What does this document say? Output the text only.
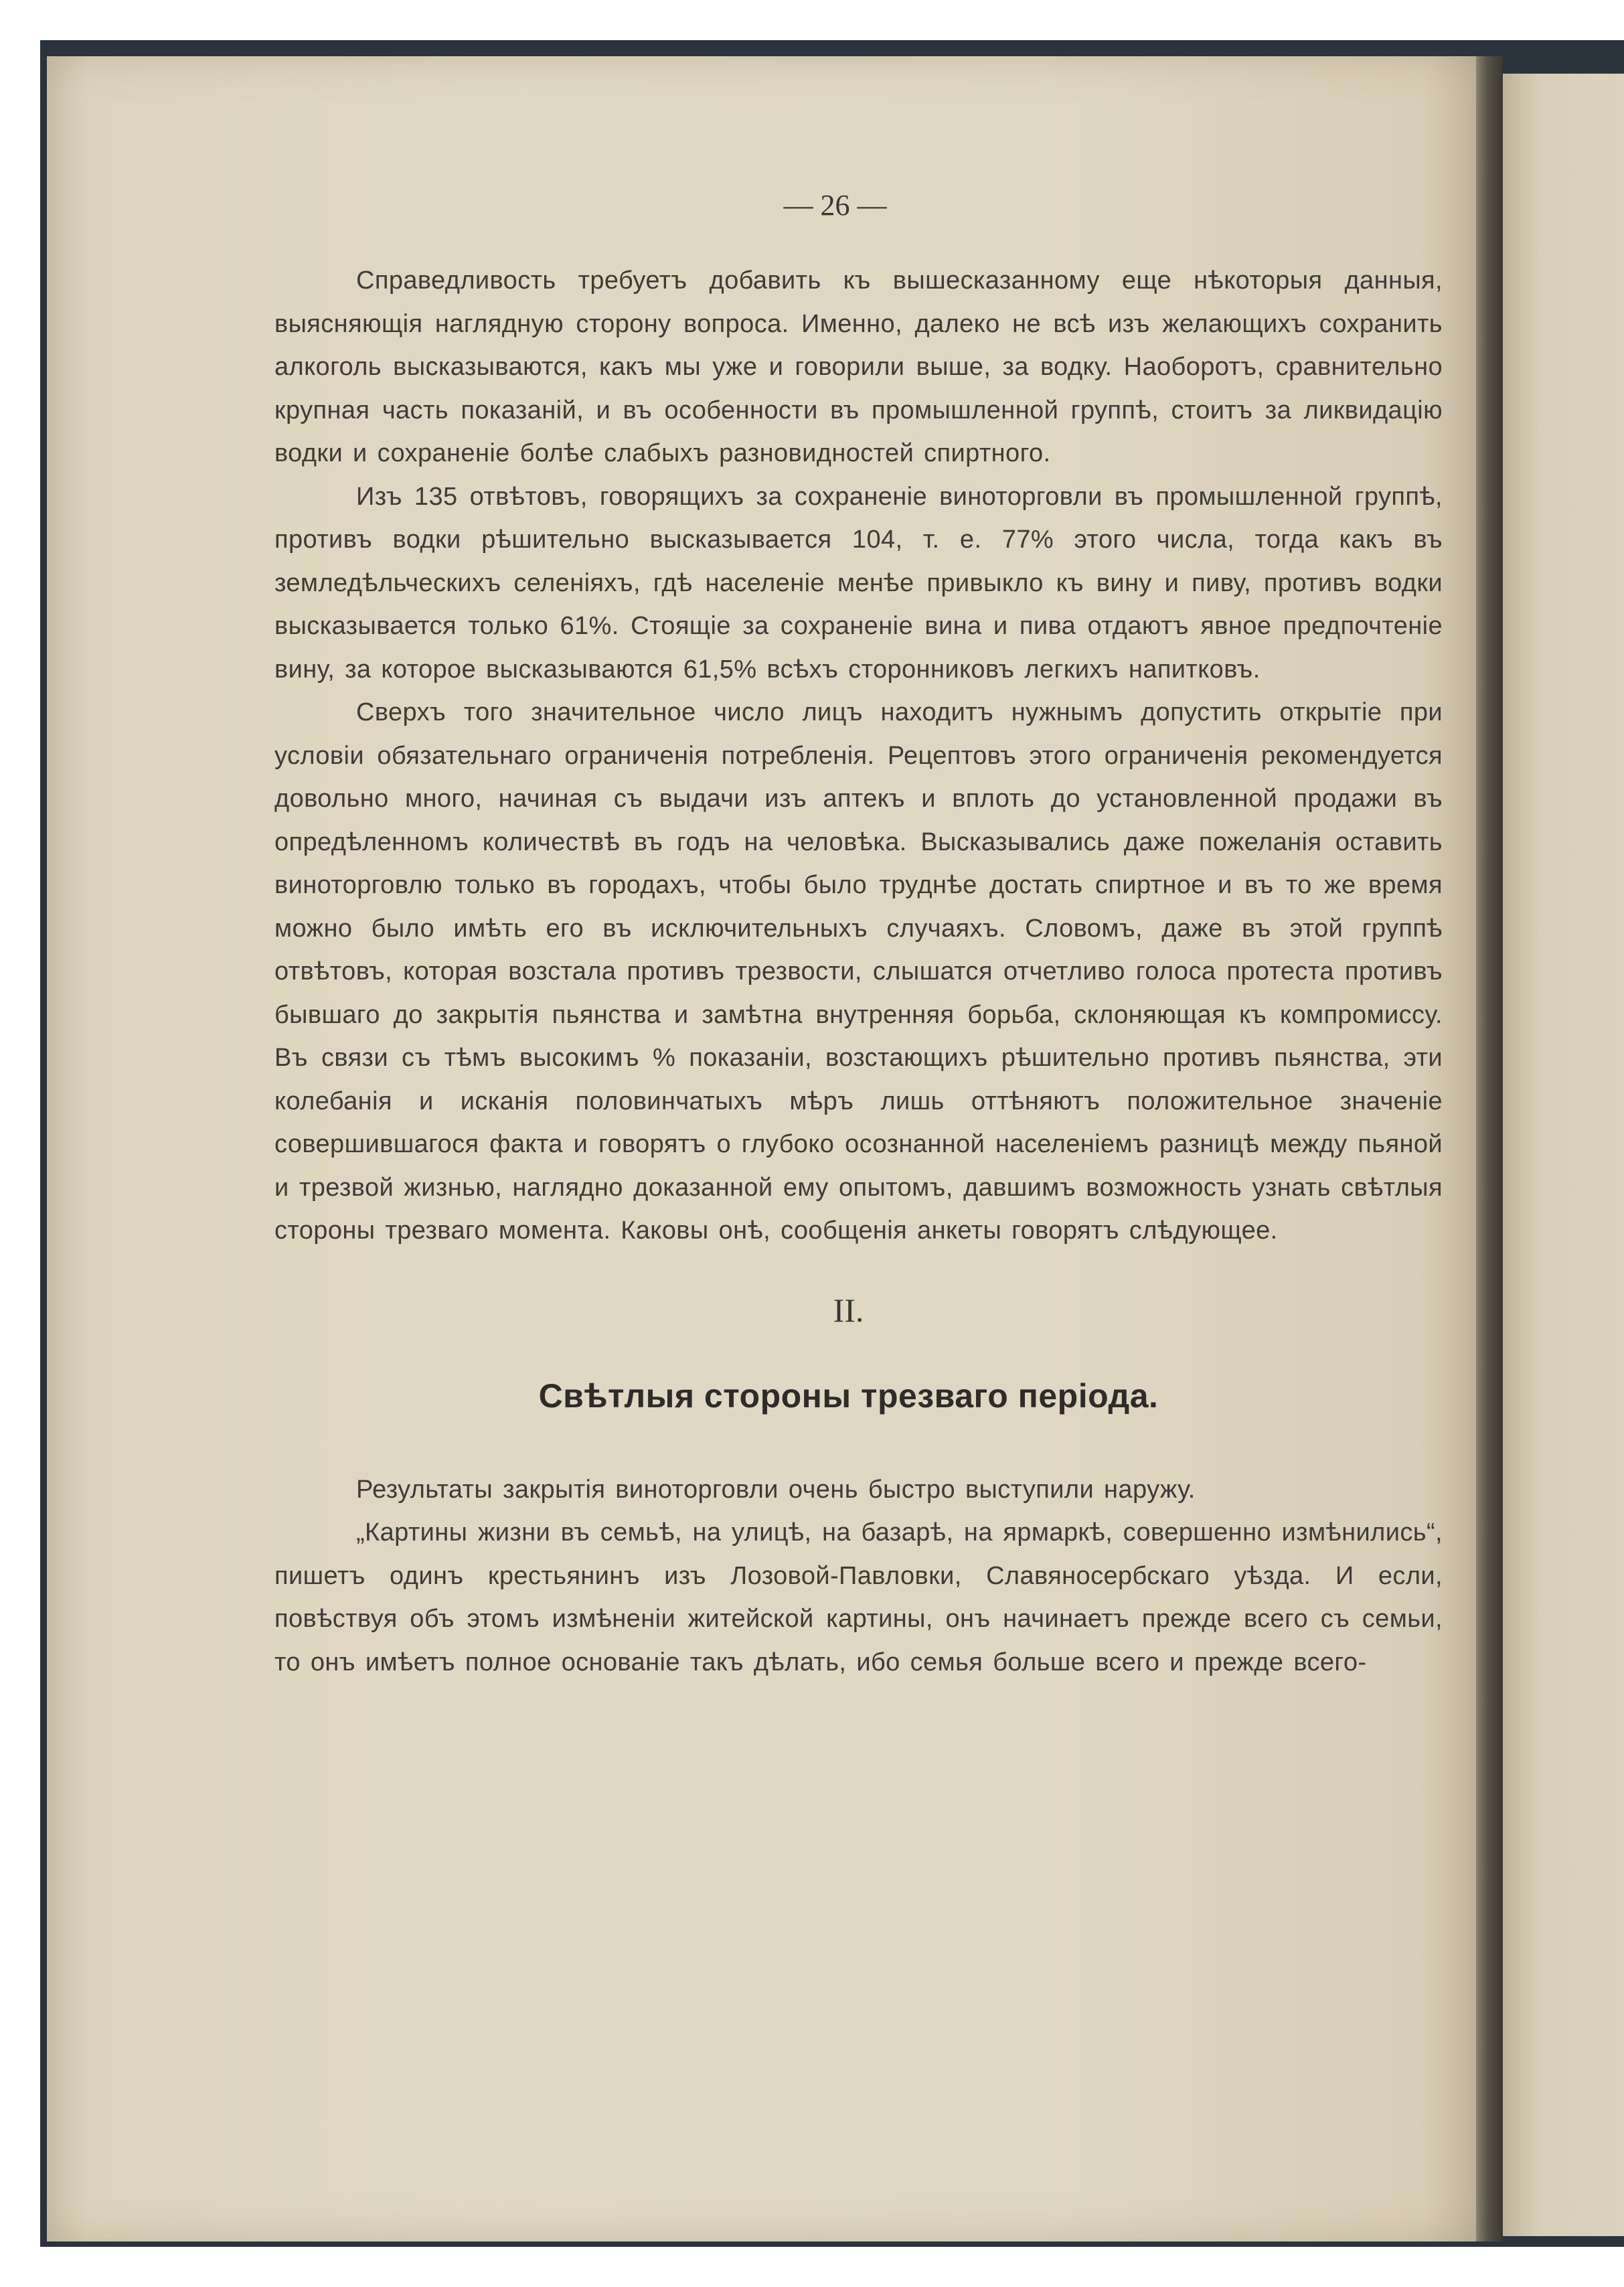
— 26 —

Справедливость требуетъ добавить къ вышесказанному еще нѣкоторыя данныя, выясняющія наглядную сторону вопроса. Именно, далеко не всѣ изъ желающихъ сохранить алкоголь высказываются, какъ мы уже и говорили выше, за водку. Наоборотъ, сравнительно крупная часть показаній, и въ особенности въ промышленной группѣ, стоитъ за ликвидацію водки и сохраненіе болѣе слабыхъ разновидностей спиртного.

Изъ 135 отвѣтовъ, говорящихъ за сохраненіе виноторговли въ промышленной группѣ, противъ водки рѣшительно высказывается 104, т. е. 77% этого числа, тогда какъ въ земледѣльческихъ селеніяхъ, гдѣ населеніе менѣе привыкло къ вину и пиву, противъ водки высказывается только 61%. Стоящіе за сохраненіе вина и пива отдаютъ явное предпочтеніе вину, за которое высказываются 61,5% всѣхъ сторонниковъ легкихъ напитковъ.

Сверхъ того значительное число лицъ находитъ нужнымъ допустить открытіе при условіи обязательнаго ограниченія потребленія. Рецептовъ этого ограниченія рекомендуется довольно много, начиная съ выдачи изъ аптекъ и вплоть до установленной продажи въ опредѣленномъ количествѣ въ годъ на человѣка. Высказывались даже пожеланія оставить виноторговлю только въ городахъ, чтобы было труднѣе достать спиртное и въ то же время можно было имѣть его въ исключительныхъ случаяхъ. Словомъ, даже въ этой группѣ отвѣтовъ, которая возстала противъ трезвости, слышатся отчетливо голоса протеста противъ бывшаго до закрытія пьянства и замѣтна внутренняя борьба, склоняющая къ компромиссу. Въ связи съ тѣмъ высокимъ % показаніи, возстающихъ рѣшительно противъ пьянства, эти колебанія и исканія половинчатыхъ мѣръ лишь оттѣняютъ положительное значеніе совершившагося факта и говорятъ о глубоко осознанной населеніемъ разницѣ между пьяной и трезвой жизнью, наглядно доказанной ему опытомъ, давшимъ возможность узнать свѣтлыя стороны трезваго момента. Каковы онѣ, сообщенія анкеты говорятъ слѣдующее.

II.
Свѣтлыя стороны трезваго періода.

Результаты закрытія виноторговли очень быстро выступили наружу.

„Картины жизни въ семьѣ, на улицѣ, на базарѣ, на ярмаркѣ, совершенно измѣнились“, пишетъ одинъ крестьянинъ изъ Лозовой-Павловки, Славяносербскаго уѣзда. И если, повѣствуя объ этомъ измѣненіи житейской картины, онъ начинаетъ прежде всего съ семьи, то онъ имѣетъ полное основаніе такъ дѣлать, ибо семья больше всего и прежде всего-
